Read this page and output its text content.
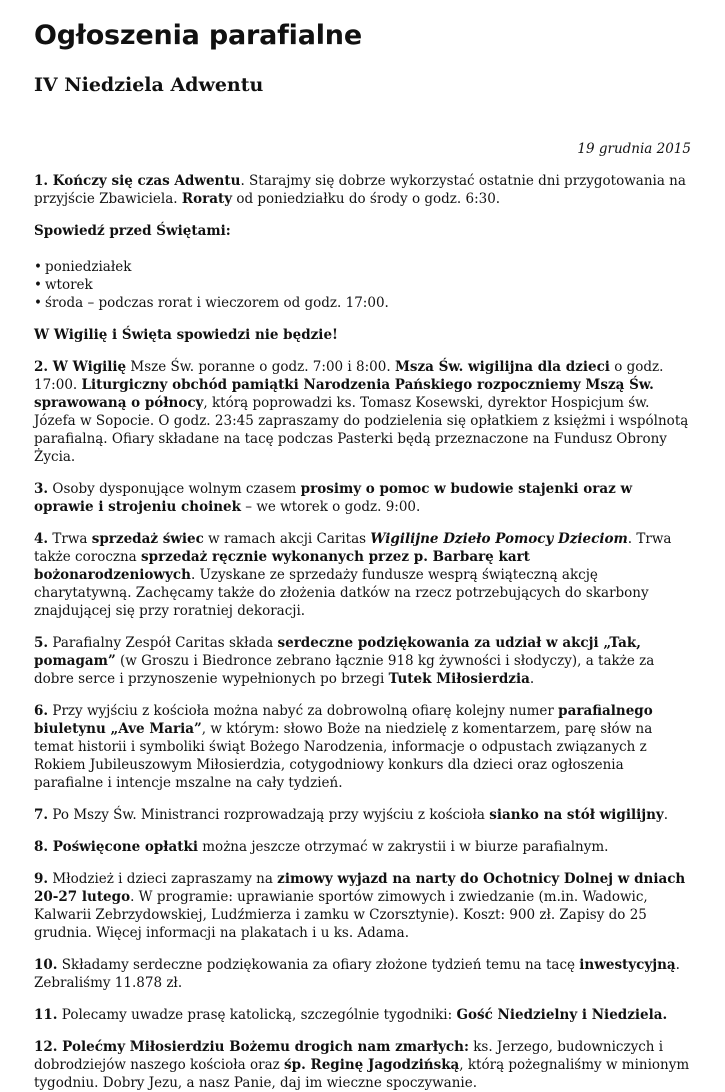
Ogłoszenia parafialne
IV Niedziela Adwentu

19 grudnia 2015

1. Kończy się czas Adwentu. Starajmy się dobrze wykorzystać ostatnie dni przygotowania na przyjście Zbawiciela. Roraty od poniedziałku do środy o godz. 6:30.

Spowiedź przed Świętami:

• poniedziałek
• wtorek
• środa – podczas rorat i wieczorem od godz. 17:00.

W Wigilię i Święta spowiedzi nie będzie!

2. W Wigilię Msze Św. poranne o godz. 7:00 i 8:00. Msza Św. wigilijna dla dzieci o godz. 17:00. Liturgiczny obchód pamiątki Narodzenia Pańskiego rozpoczniemy Mszą Św. sprawowaną o północy, którą poprowadzi ks. Tomasz Kosewski, dyrektor Hospicjum św. Józefa w Sopocie. O godz. 23:45 zapraszamy do podzielenia się opłatkiem z księżmi i wspólnotą parafialną. Ofiary składane na tacę podczas Pasterki będą przeznaczone na Fundusz Obrony Życia.

3. Osoby dysponujące wolnym czasem prosimy o pomoc w budowie stajenki oraz w oprawie i strojeniu choinek – we wtorek o godz. 9:00.

4. Trwa sprzedaż świec w ramach akcji Caritas Wigilijne Dzieło Pomocy Dzieciom. Trwa także coroczna sprzedaż ręcznie wykonanych przez p. Barbarę kart bożonarodzeniowych. Uzyskane ze sprzedaży fundusze wesprą świąteczną akcję charytatywną. Zachęcamy także do złożenia datków na rzecz potrzebujących do skarbony znajdującej się przy roratniej dekoracji.

5. Parafialny Zespół Caritas składa serdeczne podziękowania za udział w akcji „Tak, pomagam” (w Groszu i Biedronce zebrano łącznie 918 kg żywności i słodyczy), a także za dobre serce i przynoszenie wypełnionych po brzegi Tutek Miłosierdzia.

6. Przy wyjściu z kościoła można nabyć za dobrowolną ofiarę kolejny numer parafialnego biuletynu „Ave Maria”, w którym: słowo Boże na niedzielę z komentarzem, parę słów na temat historii i symboliki świąt Bożego Narodzenia, informacje o odpustach związanych z Rokiem Jubileuszowym Miłosierdzia, cotygodniowy konkurs dla dzieci oraz ogłoszenia parafialne i intencje mszalne na cały tydzień.

7. Po Mszy Św. Ministranci rozprowadzają przy wyjściu z kościoła sianko na stół wigilijny.

8. Poświęcone opłatki można jeszcze otrzymać w zakrystii i w biurze parafialnym.

9. Młodzież i dzieci zapraszamy na zimowy wyjazd na narty do Ochotnicy Dolnej w dniach 20-27 lutego. W programie: uprawianie sportów zimowych i zwiedzanie (m.in. Wadowic, Kalwarii Zebrzydowskiej, Ludźmierza i zamku w Czorsztynie). Koszt: 900 zł. Zapisy do 25 grudnia. Więcej informacji na plakatach i u ks. Adama.

10. Składamy serdeczne podziękowania za ofiary złożone tydzień temu na tacę inwestycyjną. Zebraliśmy 11.878 zł.

11. Polecamy uwadze prasę katolicką, szczególnie tygodniki: Gość Niedzielny i Niedziela.

12. Polećmy Miłosierdziu Bożemu drogich nam zmarłych: ks. Jerzego, budowniczych i dobrodziejów naszego kościoła oraz śp. Reginę Jagodzińską, którą pożegnaliśmy w minionym tygodniu. Dobry Jezu, a nasz Panie, daj im wieczne spoczywanie.
